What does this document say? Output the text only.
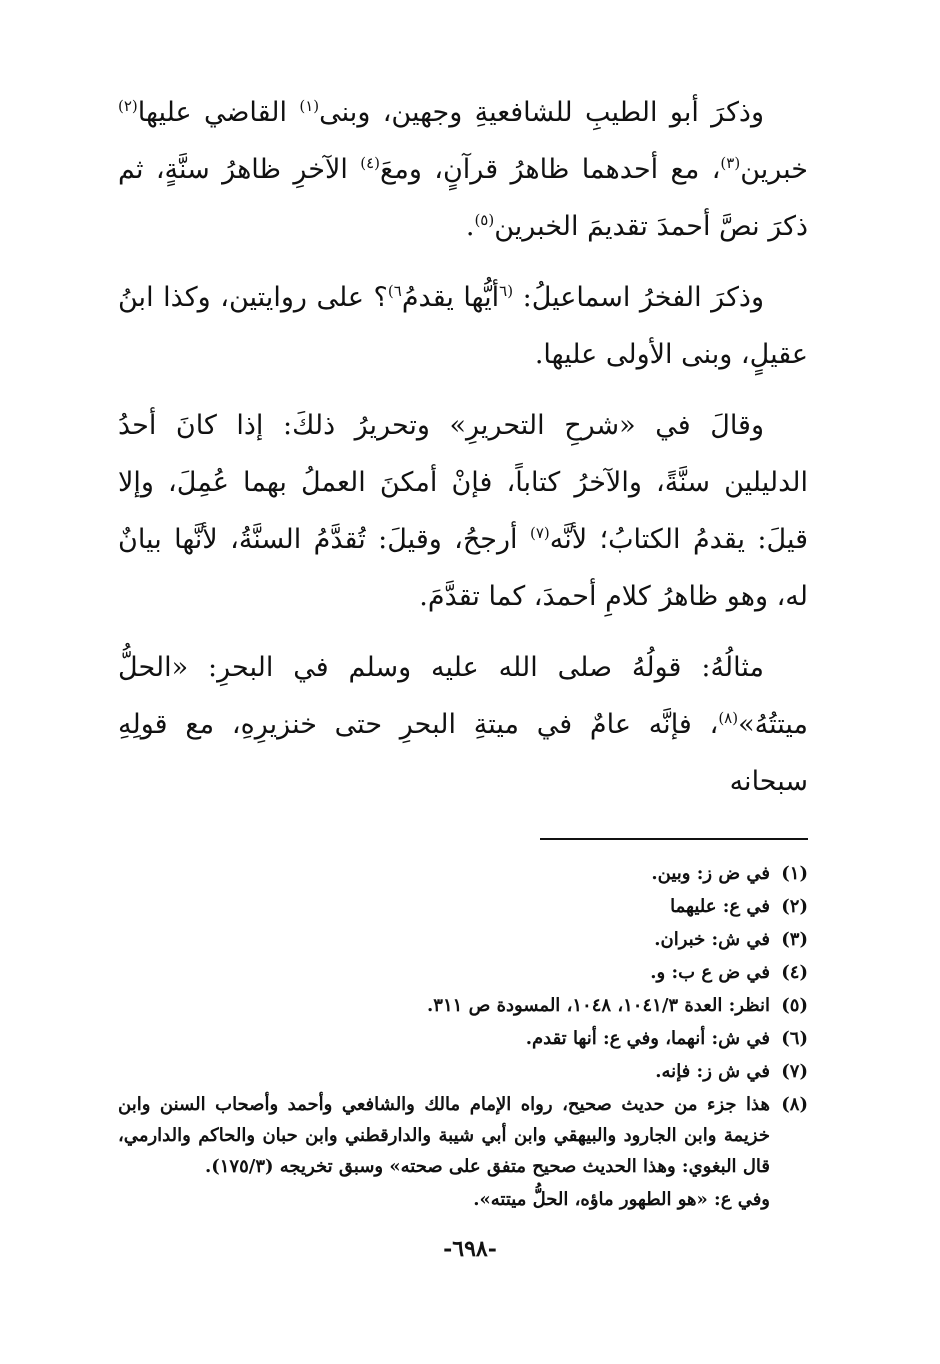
وذكرَ أبو الطيبِ للشافعيةِ وجهين، وبنى$^{(١)}$ القاضي عليها$^{(٢)}$ خبرين$^{(٣)}$، مع أحدهما ظاهرُ قرآنٍ، ومعَ$^{(٤)}$ الآخرِ ظاهرُ سنَّةٍ، ثم ذكرَ نصَّ أحمدَ تقديمَ الخبرين$^{(٥)}$.

وذكرَ الفخرُ اسماعيلُ: $^{(٦}$أيُّها يقدمُ$^{٦)}$؟ على روايتين، وكذا ابنُ عقيلٍ، وبنى الأولى عليها.

وقالَ في «شرحِ التحريرِ» وتحريرُ ذلكَ: إذا كانَ أحدُ الدليلين سنَّةً، والآخرُ كتاباً، فإنْ أمكنَ العملُ بهما عُمِلَ، وإلا قيلَ: يقدمُ الكتابُ؛ لأنَّه$^{(٧)}$ أرجحُ، وقيلَ: تُقدَّمُ السنَّةُ، لأنَّها بيانٌ له، وهو ظاهرُ كلامِ أحمدَ، كما تقدَّمَ.

مثالُهُ: قولُهُ صلى الله عليه وسلم في البحرِ: «الحلُّ ميتتُهُ»$^{(٨)}$، فإنَّه عامٌ في ميتةِ البحرِ حتى خنزيرِهِ، مع قولِهِ سبحانه

(١)
في ض ز: وبين.
(٢)
في ع: عليهما
(٣)
في ش: خبران.
(٤)
في ض ع ب: و.
(٥)
انظر: العدة ١٠٤١/٣، ١٠٤٨، المسودة ص ٣١١.
(٦)
في ش: أنهما، وفي ع: أنها تقدم.
(٧)
في ش ز: فإنه.
(٨)
هذا جزء من حديث صحيح، رواه الإمام مالك والشافعي وأحمد وأصحاب السنن وابن خزيمة وابن الجارود والبيهقي وابن أبي شيبة والدارقطني وابن حبان والحاكم والدارمي، قال البغوي: وهذا الحديث صحيح متفق على صحته» وسبق تخريجه (١٧٥/٣).
وفي ع: «هو الطهور ماؤه، الحلُّ ميتته».
-٦٩٨-
